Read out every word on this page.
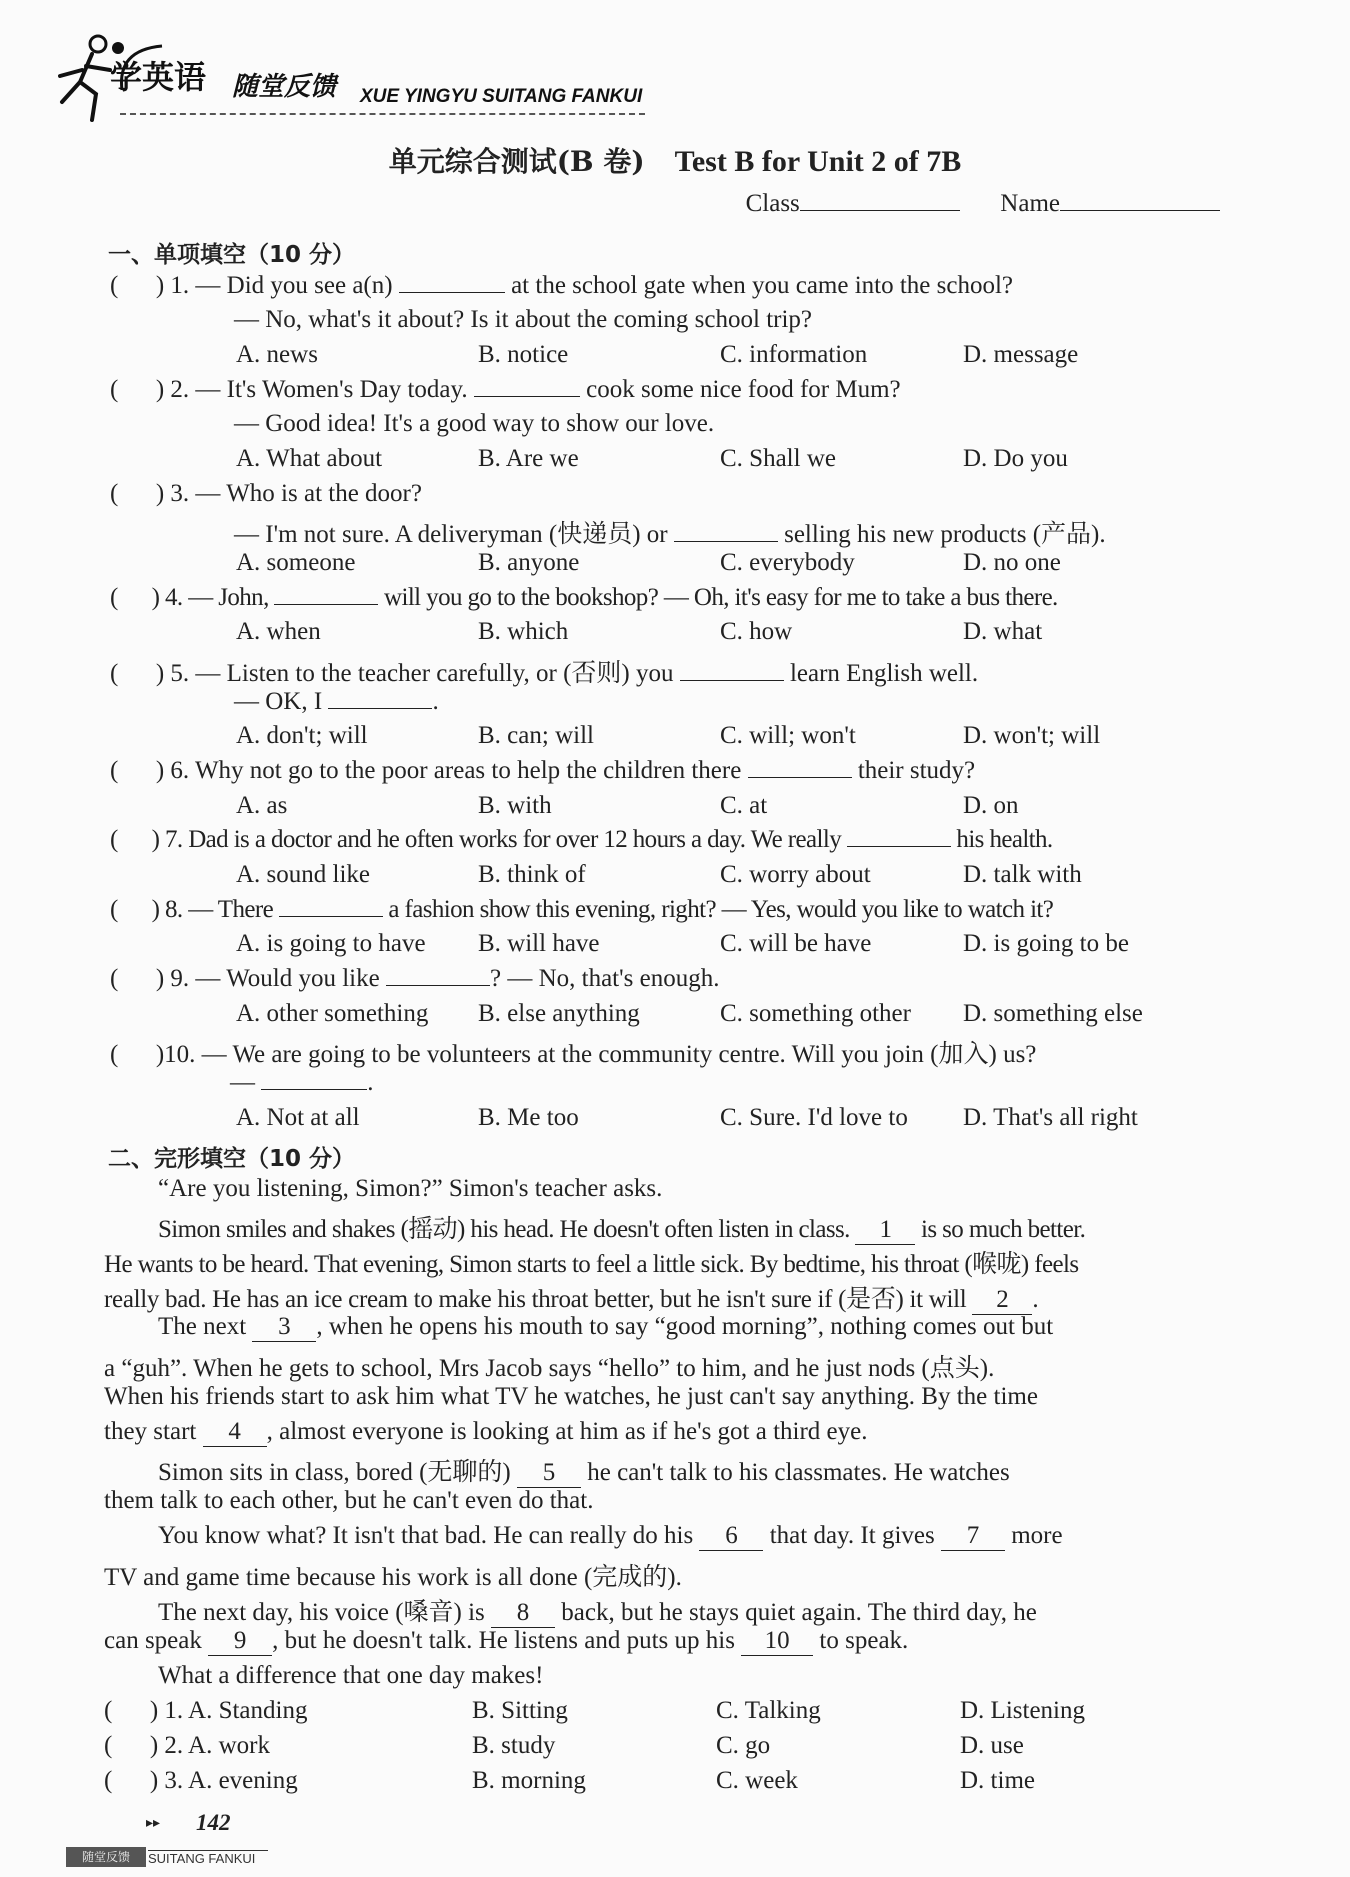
学英语 随堂反馈 XUE YINGYU SUITANG FANKUI
单元综合测试(B 卷) Test B for Unit 2 of 7B
Class	Name
一、单项填空（10 分）
(      ) 1. — Did you see a(n)	at the school gate when you came into the school?
— No, what's it about? Is it about the coming school trip?
A. news	B. notice	C. information	D. message
(      ) 2. — It's Women's Day today.	cook some nice food for Mum?
— Good idea! It's a good way to show our love.
A. What about	B. Are we	C. Shall we	D. Do you
(      ) 3. — Who is at the door?
— I'm not sure. A deliveryman (快递员) or	selling his new products (产品).
A. someone	B. anyone	C. everybody	D. no one
(      ) 4. — John,	will you go to the bookshop? — Oh, it's easy for me to take a bus there.
A. when	B. which	C. how	D. what
(      ) 5. — Listen to the teacher carefully, or (否则) you	learn English well.
— OK, I	.
A. don't; will	B. can; will	C. will; won't	D. won't; will
(      ) 6. Why not go to the poor areas to help the children there	their study?
A. as	B. with	C. at	D. on
(      ) 7. Dad is a doctor and he often works for over 12 hours a day. We really	his health.
A. sound like	B. think of	C. worry about	D. talk with
(      ) 8. — There	a fashion show this evening, right? — Yes, would you like to watch it?
A. is going to have B. will have	C. will be have	D. is going to be
(      ) 9. — Would you like	? — No, that's enough.
A. other something B. else anything	C. something other D. something else
(      )10. — We are going to be volunteers at the community centre. Will you join (加入) us?
—	.
A. Not at all	B. Me too	C. Sure. I'd love to D. That's all right
二、完形填空（10 分）
“Are you listening, Simon?” Simon's teacher asks.
Simon smiles and shakes (摇动) his head. He doesn't often listen in class. 1 is so much better.
He wants to be heard. That evening, Simon starts to feel a little sick. By bedtime, his throat (喉咙) feels
really bad. He has an ice cream to make his throat better, but he isn't sure if (是否) it will 2 .
The next 3 , when he opens his mouth to say “good morning”, nothing comes out but
a “guh”. When he gets to school, Mrs Jacob says “hello” to him, and he just nods (点头).
When his friends start to ask him what TV he watches, he just can't say anything. By the time
they start 4 , almost everyone is looking at him as if he's got a third eye.
Simon sits in class, bored (无聊的) 5 he can't talk to his classmates. He watches
them talk to each other, but he can't even do that.
You know what? It isn't that bad. He can really do his 6 that day. It gives 7 more
TV and game time because his work is all done (完成的).
The next day, his voice (嗓音) is 8 back, but he stays quiet again. The third day, he
can speak 9 , but he doesn't talk. He listens and puts up his 10 to speak.
What a difference that one day makes!
(      ) 1. A. Standing	B. Sitting	C. Talking	D. Listening
(      ) 2. A. work	B. study	C. go	D. use
(      ) 3. A. evening	B. morning	C. week	D. time
▸▸ 142
随堂反馈	SUITANG FANKUI
